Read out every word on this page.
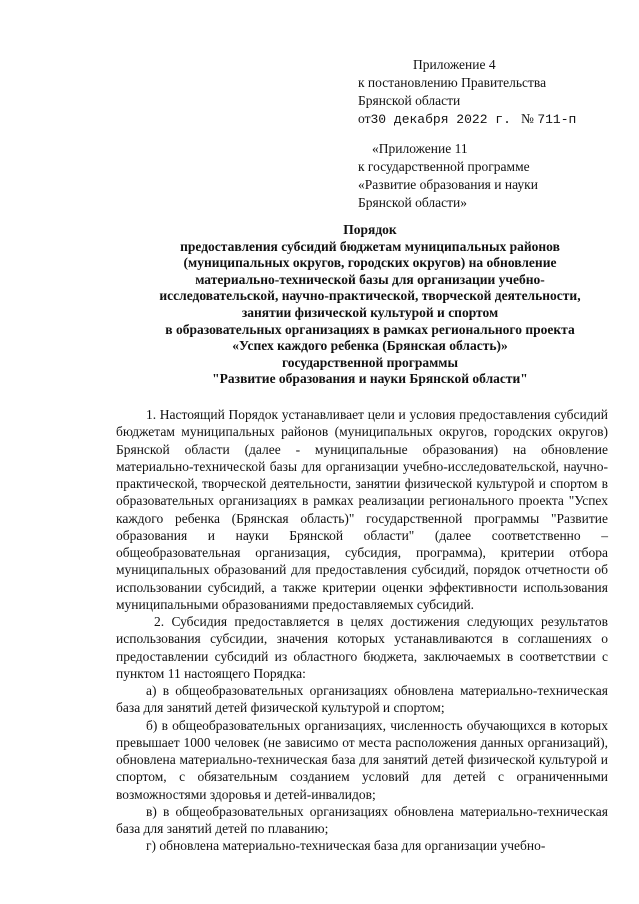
Приложение 4
к постановлению Правительства
Брянской области
от30 декабря 2022 г. № 711-п
«Приложение 11
к государственной программе
«Развитие образования и науки
Брянской области»
Порядок
предоставления субсидий бюджетам муниципальных районов
(муниципальных округов, городских округов) на обновление
материально-технической базы для организации учебно-
исследовательской, научно-практической, творческой деятельности,
занятии физической культурой и спортом
в образовательных организациях в рамках регионального проекта
«Успех каждого ребенка (Брянская область)»
государственной программы
"Развитие образования и науки Брянской области"

1. Настоящий Порядок устанавливает цели и условия предоставления субсидий бюджетам муниципальных районов (муниципальных округов, городских округов) Брянской области (далее - муниципальные образования) на обновление материально-технической базы для организации учебно-исследовательской, научно-практической, творческой деятельности, занятии физической культурой и спортом в образовательных организациях в рамках реализации регионального проекта "Успех каждого ребенка (Брянская область)" государственной программы "Развитие образования и науки Брянской области" (далее соответственно – общеобразовательная организация, субсидия, программа), критерии отбора муниципальных образований для предоставления субсидий, порядок отчетности об использовании субсидий, а также критерии оценки эффективности использования муниципальными образованиями предоставляемых субсидий.

2. Субсидия предоставляется в целях достижения следующих результатов использования субсидии, значения которых устанавливаются в соглашениях о предоставлении субсидий из областного бюджета, заключаемых в соответствии с пунктом 11 настоящего Порядка:

а) в общеобразовательных организациях обновлена материально-техническая база для занятий детей физической культурой и спортом;

б) в общеобразовательных организациях, численность обучающихся в которых превышает 1000 человек (не зависимо от места расположения данных организаций), обновлена материально-техническая база для занятий детей физической культурой и спортом, с обязательным созданием условий для детей с ограниченными возможностями здоровья и детей-инвалидов;

в) в общеобразовательных организациях обновлена материально-техническая база для занятий детей по плаванию;

г) обновлена материально-техническая база для организации учебно-
